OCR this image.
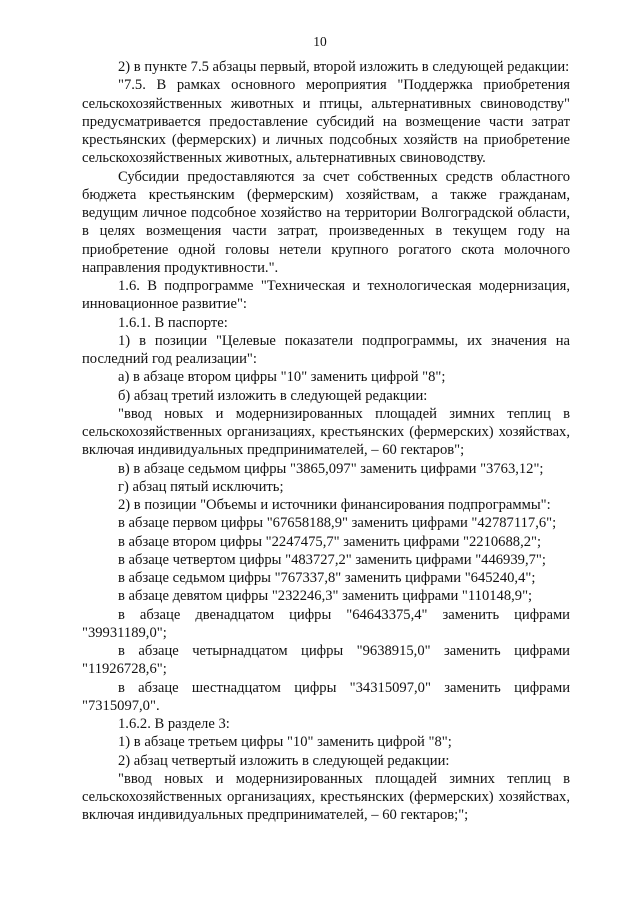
10

2) в пункте 7.5 абзацы первый, второй изложить в следующей редакции:

"7.5. В рамках основного мероприятия "Поддержка приобретения сельскохозяйственных животных и птицы, альтернативных свиноводству" предусматривается предоставление субсидий на возмещение части затрат крестьянских (фермерских) и личных подсобных хозяйств на приобретение сельскохозяйственных животных, альтернативных свиноводству.

Субсидии предоставляются за счет собственных средств областного бюджета крестьянским (фермерским) хозяйствам, а также гражданам, ведущим личное подсобное хозяйство на территории Волгоградской области, в целях возмещения части затрат, произведенных в текущем году на приобретение одной головы нетели крупного рогатого скота молочного направления продуктивности.".

1.6. В подпрограмме "Техническая и технологическая модернизация, инновационное развитие":

1.6.1. В паспорте:

1) в позиции "Целевые показатели подпрограммы, их значения на последний год реализации":

а) в абзаце втором цифры "10" заменить цифрой "8";

б) абзац третий изложить в следующей редакции:

"ввод новых и модернизированных площадей зимних теплиц в сельскохозяйственных организациях, крестьянских (фермерских) хозяйствах, включая индивидуальных предпринимателей, – 60 гектаров";

в) в абзаце седьмом цифры "3865,097" заменить цифрами "3763,12";

г) абзац пятый исключить;

2) в позиции "Объемы и источники финансирования подпрограммы":

в абзаце первом цифры "67658188,9" заменить цифрами "42787117,6";

в абзаце втором цифры "2247475,7" заменить цифрами "2210688,2";

в абзаце четвертом цифры "483727,2" заменить цифрами "446939,7";

в абзаце седьмом цифры "767337,8" заменить цифрами "645240,4";

в абзаце девятом цифры "232246,3" заменить цифрами "110148,9";

в абзаце двенадцатом цифры "64643375,4" заменить цифрами "39931189,0";

в абзаце четырнадцатом цифры "9638915,0" заменить цифрами "11926728,6";

в абзаце шестнадцатом цифры "34315097,0" заменить цифрами "7315097,0".

1.6.2. В разделе 3:

1) в абзаце третьем цифры "10" заменить цифрой "8";

2) абзац четвертый изложить в следующей редакции:

"ввод новых и модернизированных площадей зимних теплиц в сельскохозяйственных организациях, крестьянских (фермерских) хозяйствах, включая индивидуальных предпринимателей, – 60 гектаров;";
